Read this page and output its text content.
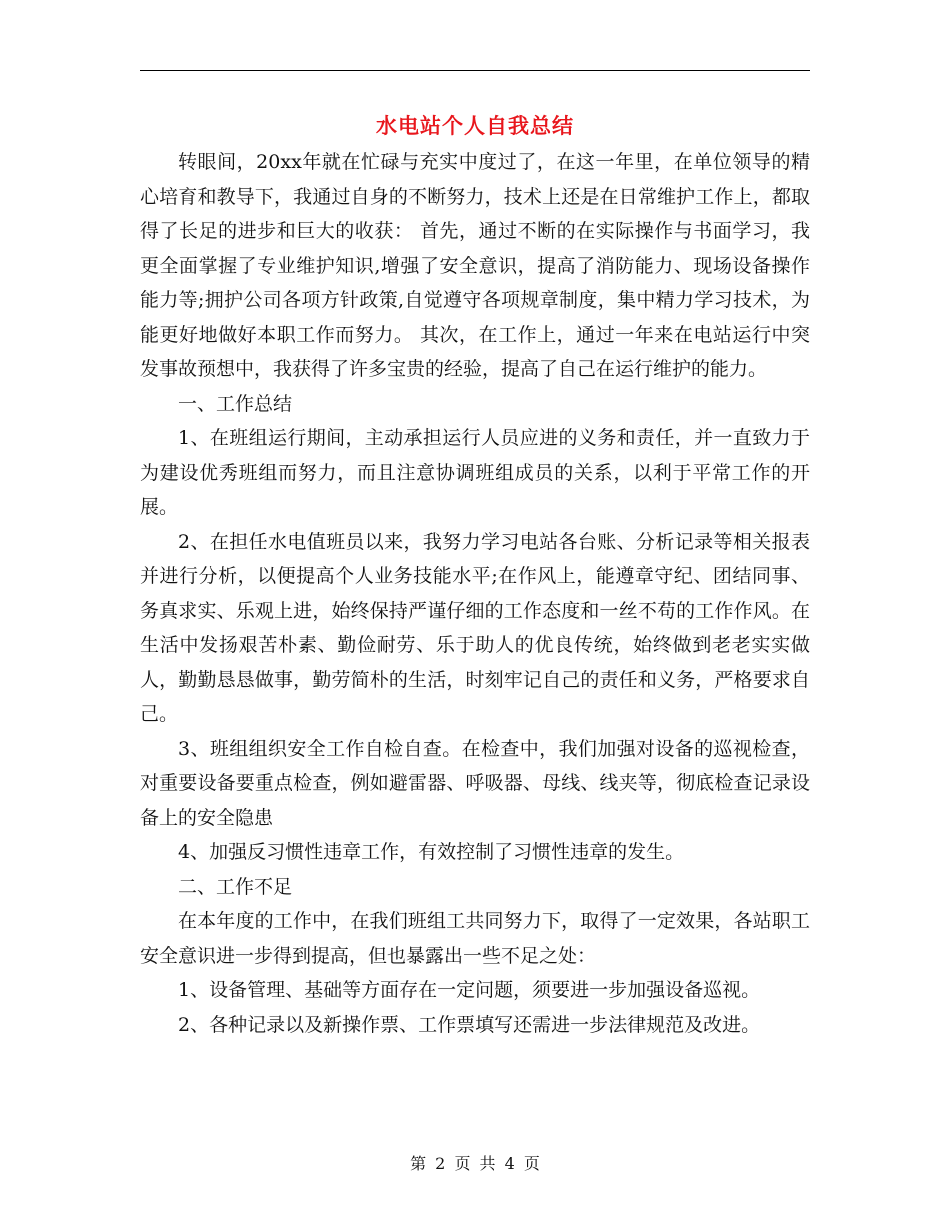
水电站个人自我总结

转眼间，20xx年就在忙碌与充实中度过了，在这一年里，在单位领导的精心培育和教导下，我通过自身的不断努力，技术上还是在日常维护工作上，都取得了长足的进步和巨大的收获： 首先，通过不断的在实际操作与书面学习，我更全面掌握了专业维护知识,增强了安全意识，提高了消防能力、现场设备操作能力等;拥护公司各项方针政策,自觉遵守各项规章制度，集中精力学习技术，为能更好地做好本职工作而努力。 其次，在工作上，通过一年来在电站运行中突发事故预想中，我获得了许多宝贵的经验，提高了自己在运行维护的能力。

一、工作总结

1、在班组运行期间，主动承担运行人员应进的义务和责任，并一直致力于为建设优秀班组而努力，而且注意协调班组成员的关系，以利于平常工作的开展。

2、在担任水电值班员以来，我努力学习电站各台账、分析记录等相关报表并进行分析，以便提高个人业务技能水平;在作风上，能遵章守纪、团结同事、务真求实、乐观上进，始终保持严谨仔细的工作态度和一丝不苟的工作作风。在生活中发扬艰苦朴素、勤俭耐劳、乐于助人的优良传统，始终做到老老实实做人，勤勤恳恳做事，勤劳简朴的生活，时刻牢记自己的责任和义务，严格要求自己。

3、班组组织安全工作自检自查。在检查中，我们加强对设备的巡视检查，对重要设备要重点检查，例如避雷器、呼吸器、母线、线夹等，彻底检查记录设备上的安全隐患

4、加强反习惯性违章工作，有效控制了习惯性违章的发生。

二、工作不足

在本年度的工作中，在我们班组工共同努力下，取得了一定效果，各站职工安全意识进一步得到提高，但也暴露出一些不足之处：

1、设备管理、基础等方面存在一定问题，须要进一步加强设备巡视。

2、各种记录以及新操作票、工作票填写还需进一步法律规范及改进。

第 2 页 共 4 页
